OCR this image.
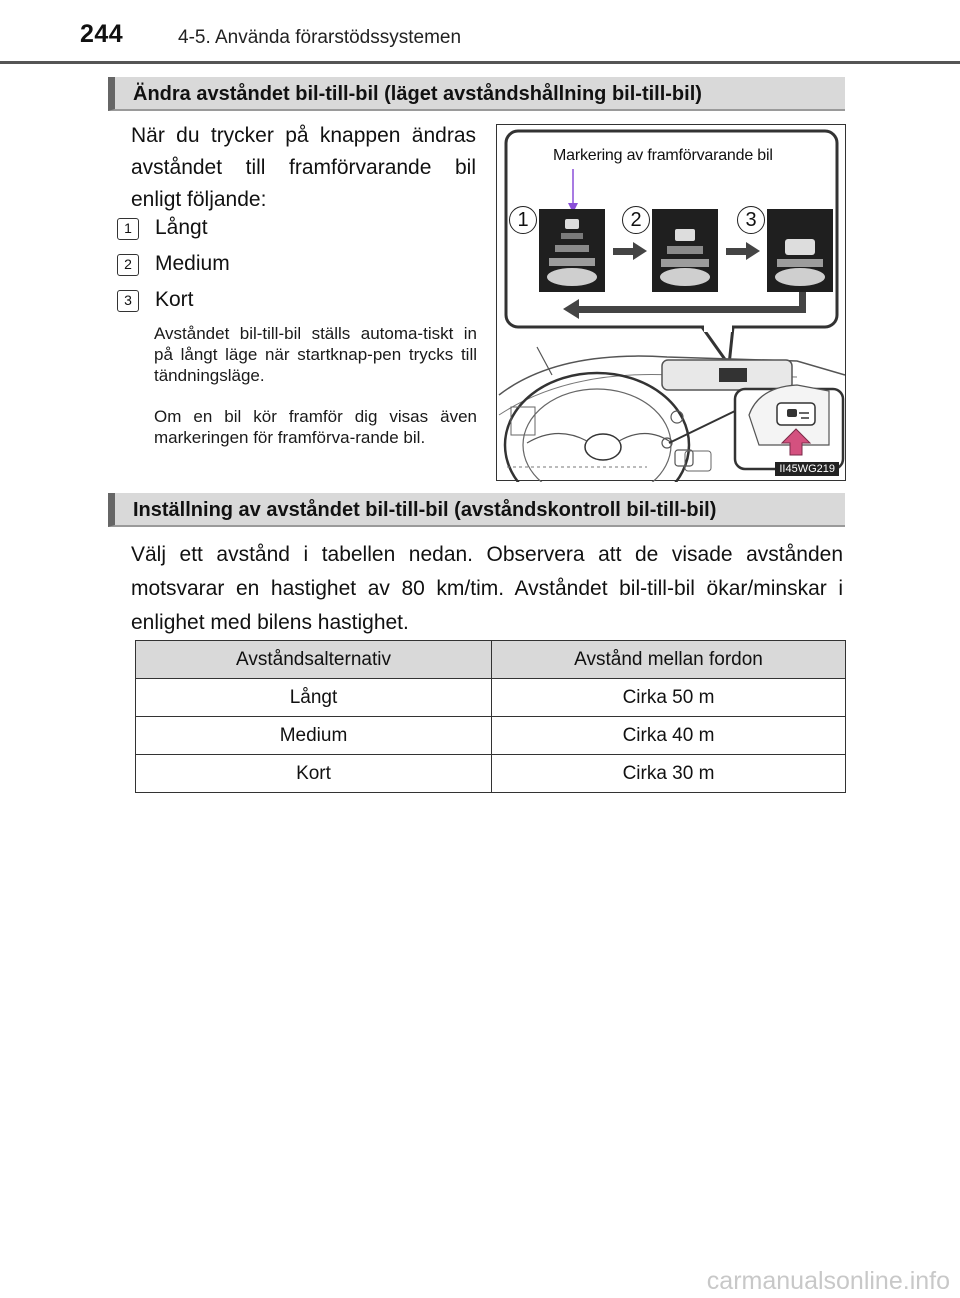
244	4-5. Använda förarstödssystemen
Ändra avståndet bil-till-bil (läget avståndshållning bil-till-bil)
När du trycker på knappen ändras avståndet till framförvarande bil enligt följande:
1	Långt
2	Medium
3	Kort
Avståndet bil-till-bil ställs automa-tiskt in på långt läge när startknap-pen trycks till tändningsläge.
Om en bil kör framför dig visas även markeringen för framförva-rande bil.
Markering av framförvarande bil
1	2	3
II45WG219
Inställning av avståndet bil-till-bil (avståndskontroll bil-till-bil)
Välj ett avstånd i tabellen nedan. Observera att de visade avstånden motsvarar en hastighet av 80 km/tim. Avståndet bil-till-bil ökar/minskar i enlighet med bilens hastighet.
Avståndsalternativ	Avstånd mellan fordon
Långt	Cirka 50 m
Medium	Cirka 40 m
Kort	Cirka 30 m
carmanualsonline.info
